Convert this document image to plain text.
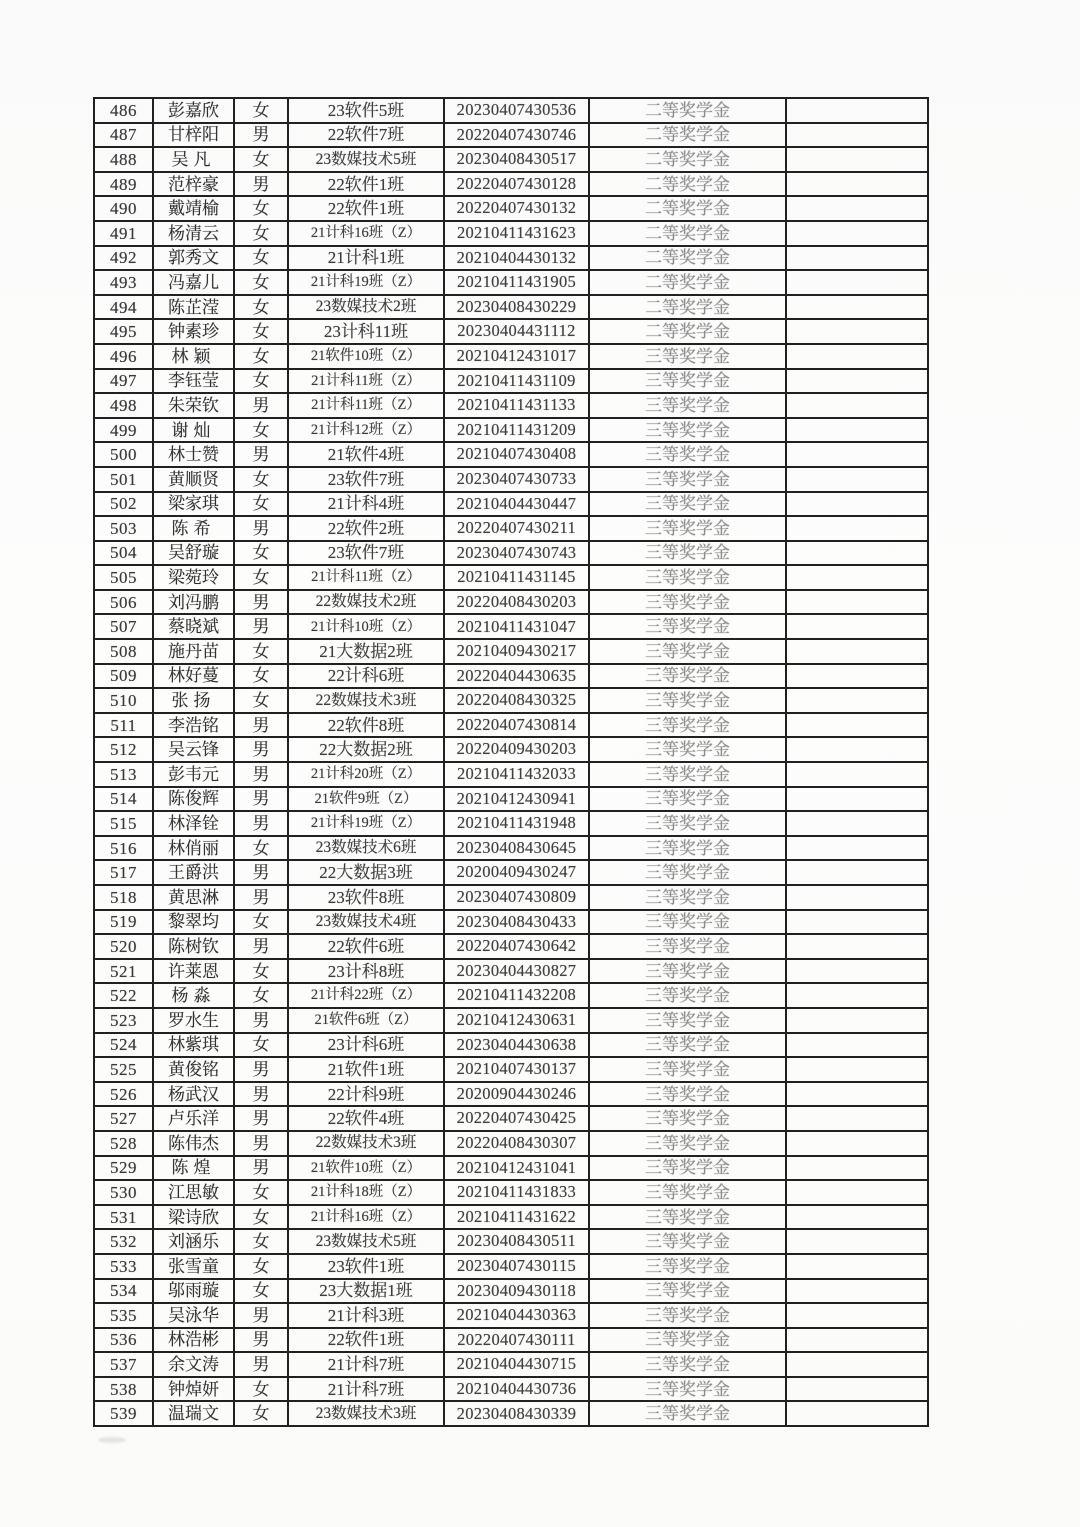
486	彭嘉欣	女	23软件5班	20230407430536	二等奖学金	
487	甘梓阳	男	22软件7班	20220407430746	二等奖学金	
488	吴凡	女	23数媒技术5班	20230408430517	二等奖学金	
489	范梓豪	男	22软件1班	20220407430128	二等奖学金	
490	戴靖榆	女	22软件1班	20220407430132	二等奖学金	
491	杨清云	女	21计科16班（Z）	20210411431623	二等奖学金	
492	郭秀文	女	21计科1班	20210404430132	二等奖学金	
493	冯嘉儿	女	21计科19班（Z）	20210411431905	二等奖学金	
494	陈芷滢	女	23数媒技术2班	20230408430229	二等奖学金	
495	钟素珍	女	23计科11班	20230404431112	二等奖学金	
496	林颖	女	21软件10班（Z）	20210412431017	三等奖学金	
497	李钰莹	女	21计科11班（Z）	20210411431109	三等奖学金	
498	朱荣钦	男	21计科11班（Z）	20210411431133	三等奖学金	
499	谢灿	女	21计科12班（Z）	20210411431209	三等奖学金	
500	林士赞	男	21软件4班	20210407430408	三等奖学金	
501	黄顺贤	女	23软件7班	20230407430733	三等奖学金	
502	梁家琪	女	21计科4班	20210404430447	三等奖学金	
503	陈希	男	22软件2班	20220407430211	三等奖学金	
504	吴舒璇	女	23软件7班	20230407430743	三等奖学金	
505	梁菀玲	女	21计科11班（Z）	20210411431145	三等奖学金	
506	刘冯鹏	男	22数媒技术2班	20220408430203	三等奖学金	
507	蔡晓斌	男	21计科10班（Z）	20210411431047	三等奖学金	
508	施丹苗	女	21大数据2班	20210409430217	三等奖学金	
509	林好蔓	女	22计科6班	20220404430635	三等奖学金	
510	张扬	女	22数媒技术3班	20220408430325	三等奖学金	
511	李浩铭	男	22软件8班	20220407430814	三等奖学金	
512	吴云锋	男	22大数据2班	20220409430203	三等奖学金	
513	彭韦元	男	21计科20班（Z）	20210411432033	三等奖学金	
514	陈俊辉	男	21软件9班（Z）	20210412430941	三等奖学金	
515	林泽铨	男	21计科19班（Z）	20210411431948	三等奖学金	
516	林俏丽	女	23数媒技术6班	20230408430645	三等奖学金	
517	王爵洪	男	22大数据3班	20200409430247	三等奖学金	
518	黄思淋	男	23软件8班	20230407430809	三等奖学金	
519	黎翠均	女	23数媒技术4班	20230408430433	三等奖学金	
520	陈树钦	男	22软件6班	20220407430642	三等奖学金	
521	许莱恩	女	23计科8班	20230404430827	三等奖学金	
522	杨淼	女	21计科22班（Z）	20210411432208	三等奖学金	
523	罗水生	男	21软件6班（Z）	20210412430631	三等奖学金	
524	林紫琪	女	23计科6班	20230404430638	三等奖学金	
525	黄俊铭	男	21软件1班	20210407430137	三等奖学金	
526	杨武汉	男	22计科9班	20200904430246	三等奖学金	
527	卢乐洋	男	22软件4班	20220407430425	三等奖学金	
528	陈伟杰	男	22数媒技术3班	20220408430307	三等奖学金	
529	陈煌	男	21软件10班（Z）	20210412431041	三等奖学金	
530	江思敏	女	21计科18班（Z）	20210411431833	三等奖学金	
531	梁诗欣	女	21计科16班（Z）	20210411431622	三等奖学金	
532	刘涵乐	女	23数媒技术5班	20230408430511	三等奖学金	
533	张雪童	女	23软件1班	20230407430115	三等奖学金	
534	邬雨璇	女	23大数据1班	20230409430118	三等奖学金	
535	吴泳华	男	21计科3班	20210404430363	三等奖学金	
536	林浩彬	男	22软件1班	20220407430111	三等奖学金	
537	余文涛	男	21计科7班	20210404430715	三等奖学金	
538	钟焯妍	女	21计科7班	20210404430736	三等奖学金	
539	温瑞文	女	23数媒技术3班	20230408430339	三等奖学金	
